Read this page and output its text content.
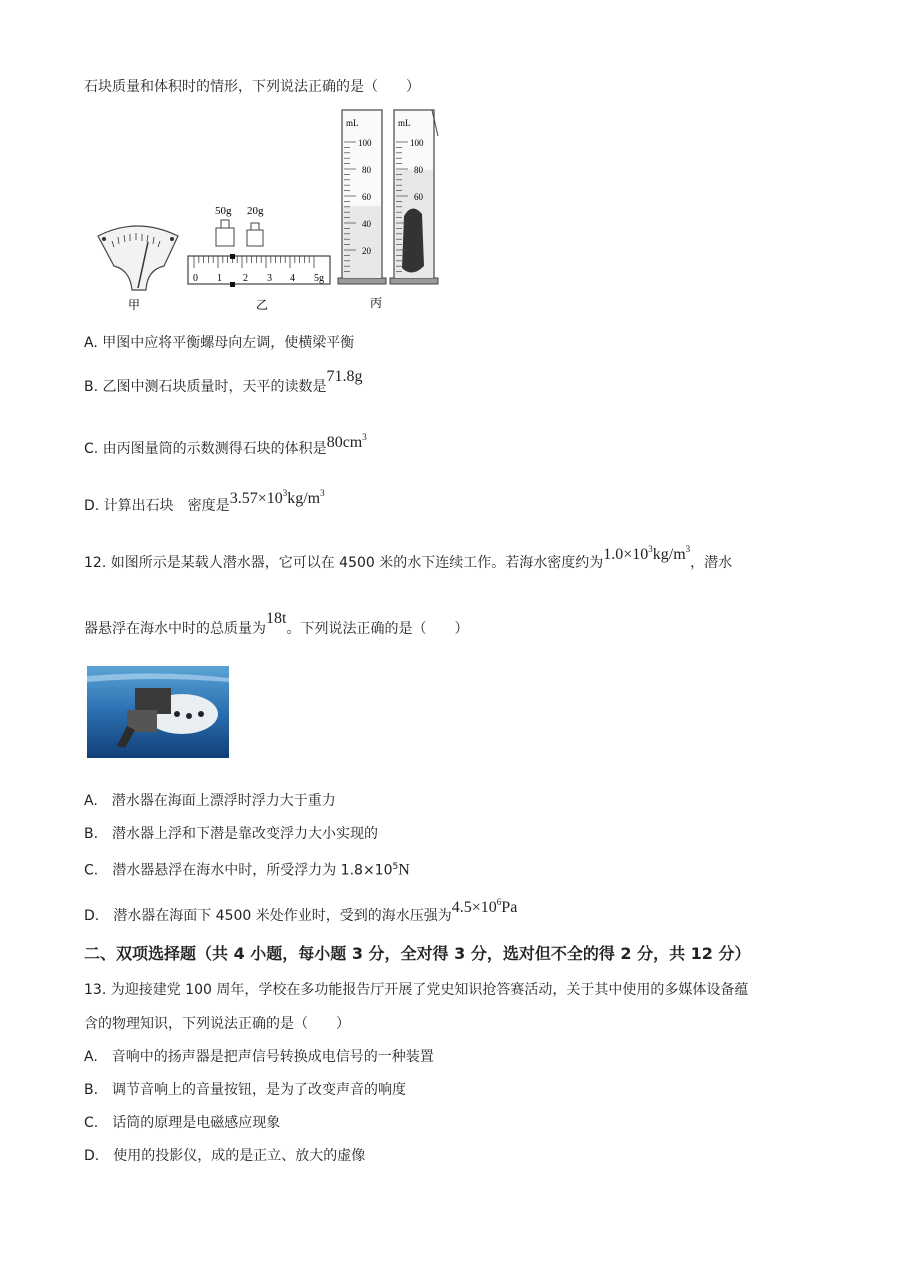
石块质量和体积时的情形，下列说法正确的是（　　）
50g 20g
0 1 2 3 4 5g
mL
100
80
60
40
20
mL
100
80
60
甲	乙	丙
A. 甲图中应将平衡螺母向左调，使横梁平衡
B. 乙图中测石块质量时，天平的读数是71.8g
C. 由丙图量筒的示数测得石块的体积是$80cm^3$
D. 计算出石块　密度是$3.57\times 10^3kg/m^3$
12. 如图所示是某载人潜水器，它可以在 4500 米的水下连续工作。若海水密度约为$1.0\times 10^3kg/m^3$，潜水
器悬浮在海水中时的总质量为18t。下列说法正确的是（　　）
A.　潜水器在海面上漂浮时浮力大于重力
B.　潜水器上浮和下潜是靠改变浮力大小实现的
C.　潜水器悬浮在海水中时，所受浮力为 $1.8\times 10^5N$
D.　潜水器在海面下 4500 米处作业时，受到的海水压强为$4.5\times 10^6Pa$
二、双项选择题（共 4 小题，每小题 3 分，全对得 3 分，选对但不全的得 2 分，共 12 分）
13. 为迎接建党 100 周年，学校在多功能报告厅开展了党史知识抢答赛活动，关于其中使用的多媒体设备蕴
含的物理知识，下列说法正确的是（　　）
A.　音响中的扬声器是把声信号转换成电信号的一种装置
B.　调节音响上的音量按钮，是为了改变声音的响度
C.　话筒的原理是电磁感应现象
D.　使用的投影仪，成的是正立、放大的虚像
